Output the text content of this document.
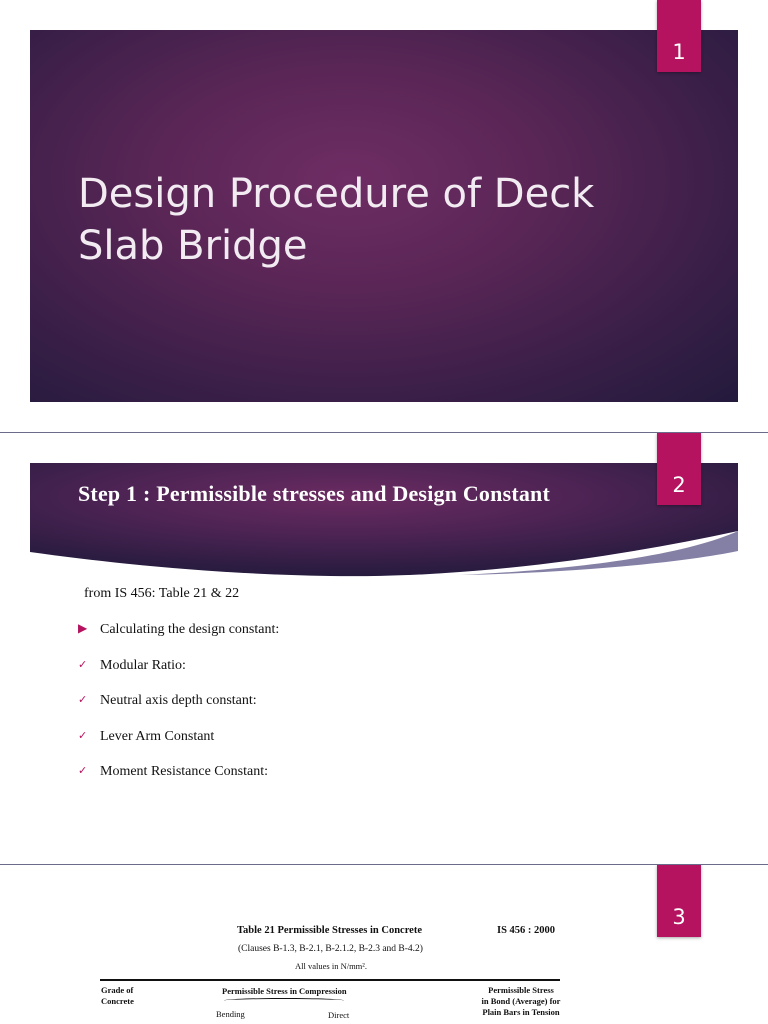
Design Procedure of Deck Slab Bridge
1
Step 1 : Permissible stresses and Design Constant	2
from IS 456: Table 21 & 22
▶ Calculating the design constant:
✓ Modular Ratio:
✓ Neutral axis depth constant:
✓ Lever Arm Constant
✓ Moment Resistance Constant:
3
Table 21 Permissible Stresses in Concrete	IS 456 : 2000
(Clauses B-1.3, B-2.1, B-2.1.2, B-2.3 and B-4.2)
All values in N/mm².
Grade of
Concrete
Permissible Stress in Compression	Permissible Stress
in Bond (Average) for
Plain Bars in Tension
Bending	Direct
